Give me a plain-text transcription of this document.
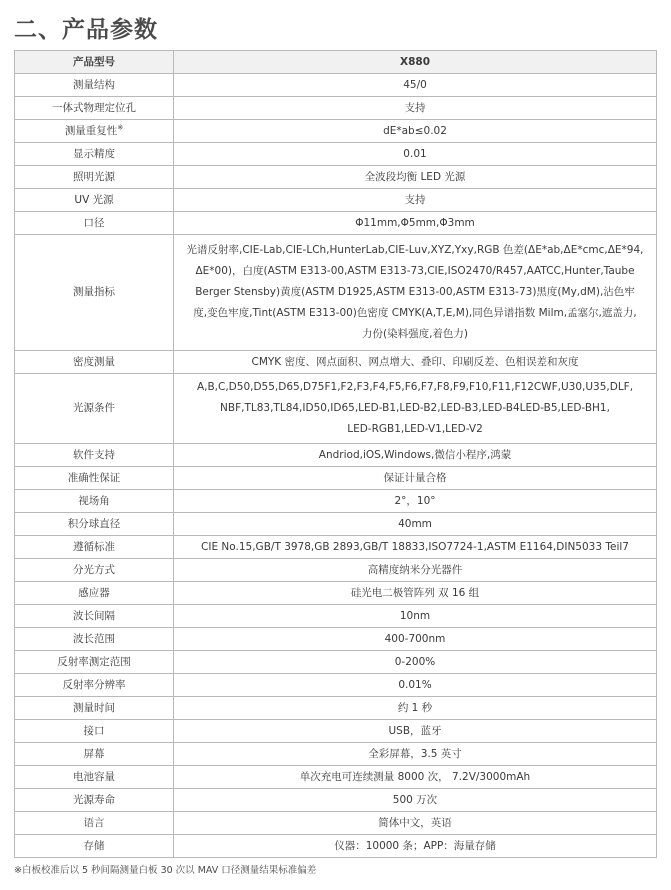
二、产品参数
产品型号	X880
测量结构	45/0
一体式物理定位孔	支持
测量重复性※	dE*ab≤0.02
显示精度	0.01
照明光源	全波段均衡 LED 光源
UV 光源	支持
口径	Φ11mm,Φ5mm,Φ3mm
测量指标	光谱反射率,CIE-Lab,CIE-LCh,HunterLab,CIE-Luv,XYZ,Yxy,RGB 色差(ΔE*ab,ΔE*cmc,ΔE*94,
ΔE*00)，白度(ASTM E313-00,ASTM E313-73,CIE,ISO2470/R457,AATCC,Hunter,Taube
Berger Stensby)黄度(ASTM D1925,ASTM E313-00,ASTM E313-73)黑度(My,dM),沾色牢
度,变色牢度,Tint(ASTM E313-00)色密度 CMYK(A,T,E,M),同色异谱指数 Milm,孟塞尔,遮盖力,
力份(染料强度,着色力)

密度测量	CMYK 密度、网点面积、网点增大、叠印、印刷反差、色相误差和灰度
光源条件	A,B,C,D50,D55,D65,D75F1,F2,F3,F4,F5,F6,F7,F8,F9,F10,F11,F12CWF,U30,U35,DLF,
NBF,TL83,TL84,ID50,ID65,LED-B1,LED-B2,LED-B3,LED-B4LED-B5,LED-BH1,
LED-RGB1,LED-V1,LED-V2

软件支持	Andriod,iOS,Windows,微信小程序,鸿蒙
准确性保证	保证计量合格
视场角	2°，10°
积分球直径	40mm
遵循标准	CIE No.15,GB/T 3978,GB 2893,GB/T 18833,ISO7724-1,ASTM E1164,DIN5033 Teil7
分光方式	高精度纳米分光器件
感应器	硅光电二极管阵列 双 16 组
波长间隔	10nm
波长范围	400-700nm
反射率测定范围	0-200%
反射率分辨率	0.01%
测量时间	约 1 秒
接口	USB，蓝牙
屏幕	全彩屏幕，3.5 英寸
电池容量	单次充电可连续测量 8000 次， 7.2V/3000mAh
光源寿命	500 万次
语言	简体中文，英语
存储	仪器：10000 条；APP：海量存储
※白板校准后以 5 秒间隔测量白板 30 次以 MAV 口径测量结果标准偏差
